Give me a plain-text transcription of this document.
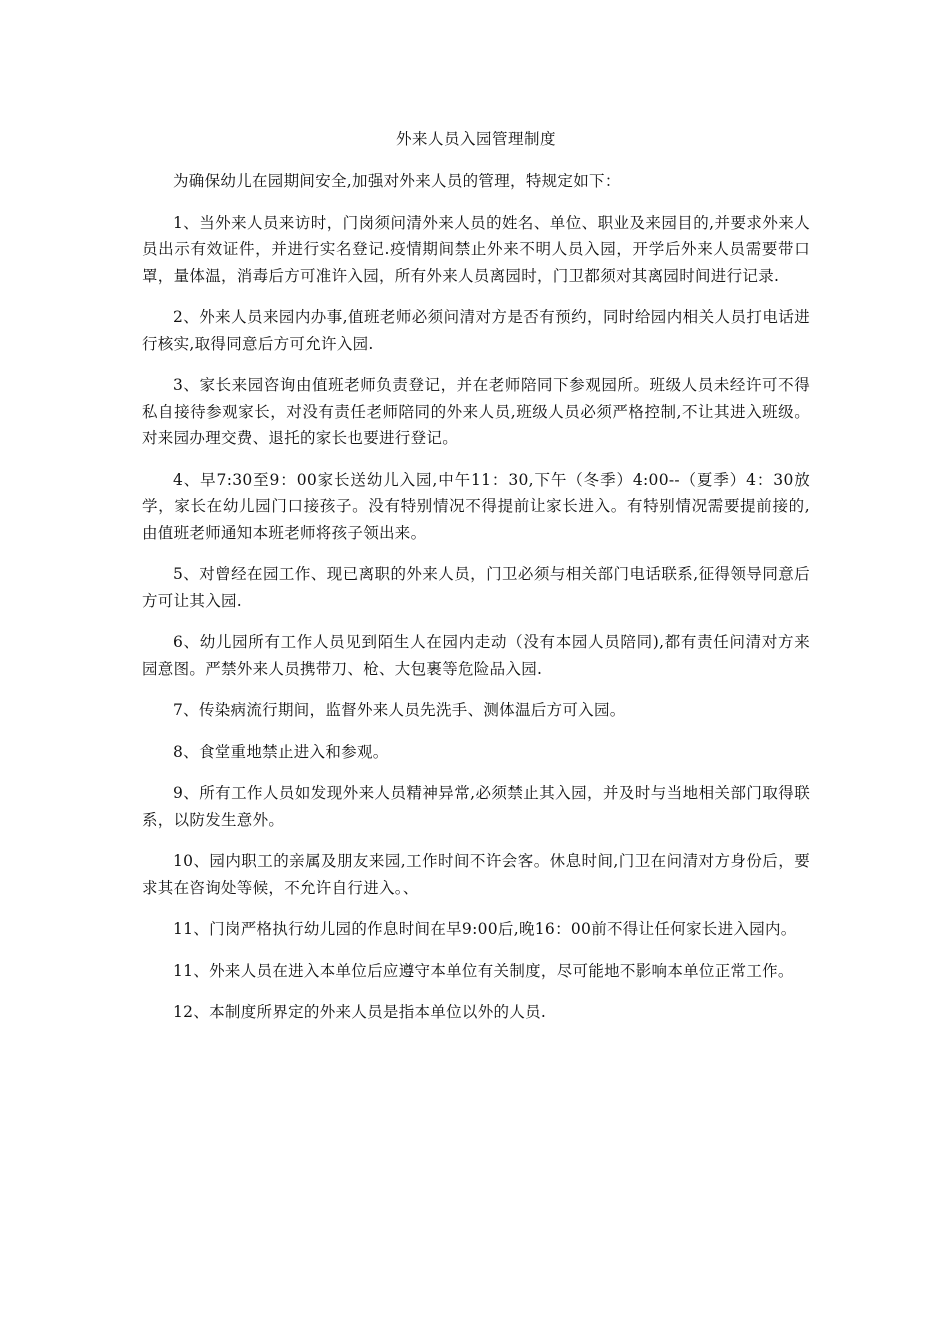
外来人员入园管理制度

为确保幼儿在园期间安全,加强对外来人员的管理，特规定如下：

1、当外来人员来访时，门岗须问清外来人员的姓名、单位、职业及来园目的,并要求外来人员出示有效证件，并进行实名登记.疫情期间禁止外来不明人员入园，开学后外来人员需要带口罩，量体温，消毒后方可准许入园，所有外来人员离园时，门卫都须对其离园时间进行记录.

2、外来人员来园内办事,值班老师必须问清对方是否有预约，同时给园内相关人员打电话进行核实,取得同意后方可允许入园.

3、家长来园咨询由值班老师负责登记，并在老师陪同下参观园所。班级人员未经许可不得私自接待参观家长，对没有责任老师陪同的外来人员,班级人员必须严格控制,不让其进入班级。对来园办理交费、退托的家长也要进行登记。

4、早7:30至9：00家长送幼儿入园,中午11：30,下午（冬季）4:00--（夏季）4：30放学，家长在幼儿园门口接孩子。没有特别情况不得提前让家长进入。有特别情况需要提前接的,由值班老师通知本班老师将孩子领出来。

5、对曾经在园工作、现已离职的外来人员，门卫必须与相关部门电话联系,征得领导同意后方可让其入园.

6、幼儿园所有工作人员见到陌生人在园内走动（没有本园人员陪同),都有责任问清对方来园意图。严禁外来人员携带刀、枪、大包裹等危险品入园.

7、传染病流行期间，监督外来人员先洗手、测体温后方可入园。

8、食堂重地禁止进入和参观。

9、所有工作人员如发现外来人员精神异常,必须禁止其入园，并及时与当地相关部门取得联系，以防发生意外。

10、园内职工的亲属及朋友来园,工作时间不许会客。休息时间,门卫在问清对方身份后，要求其在咨询处等候，不允许自行进入。、

11、门岗严格执行幼儿园的作息时间在早9:00后,晚16：00前不得让任何家长进入园内。

11、外来人员在进入本单位后应遵守本单位有关制度，尽可能地不影响本单位正常工作。

12、本制度所界定的外来人员是指本单位以外的人员.
